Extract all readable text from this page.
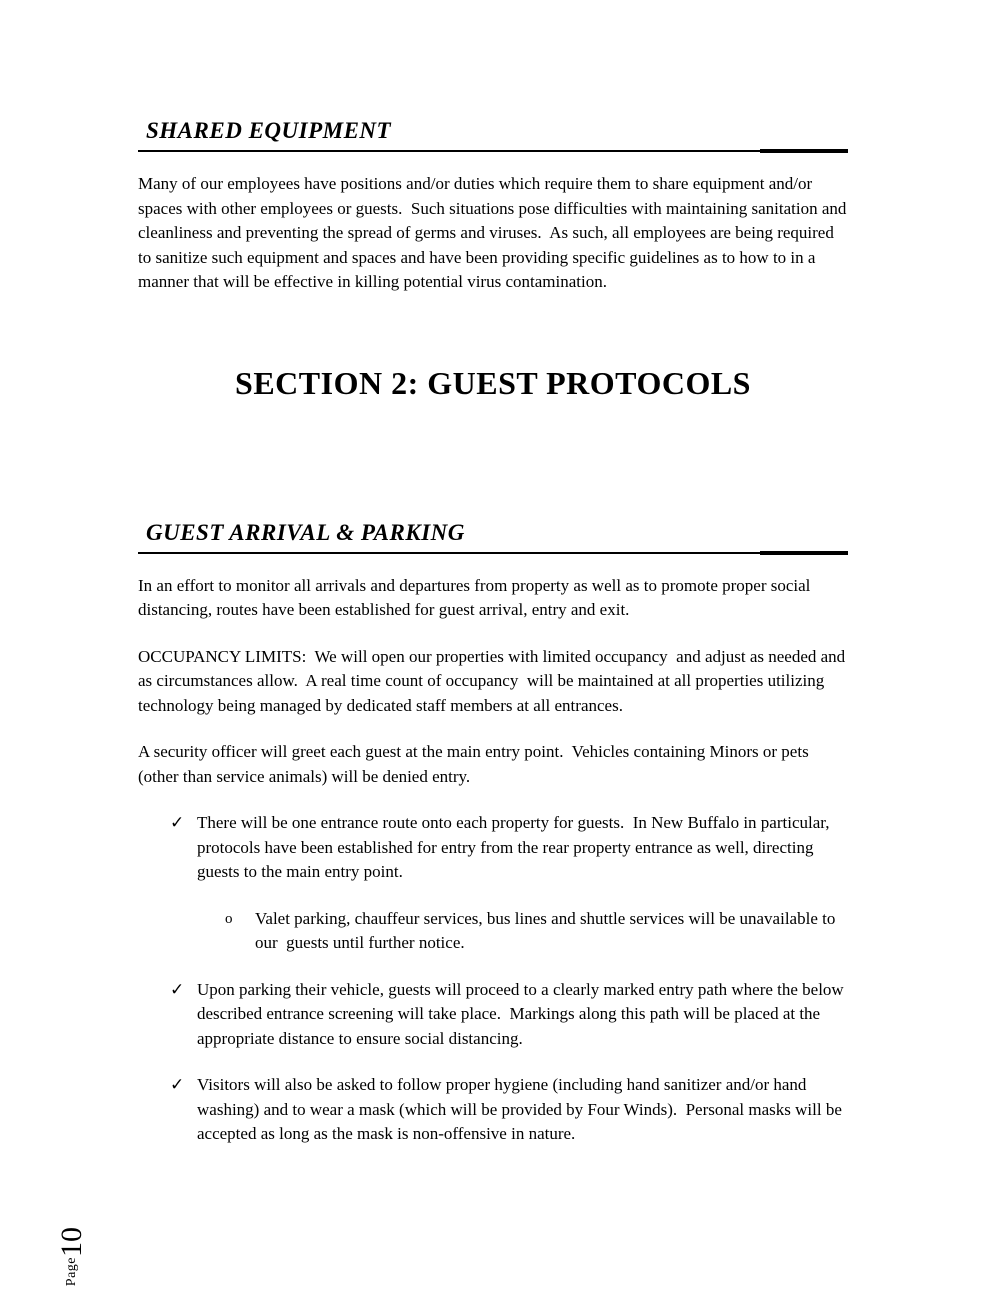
SHARED EQUIPMENT

Many of our employees have positions and/or duties which require them to share equipment and/or spaces with other employees or guests.  Such situations pose difficulties with maintaining sanitation and cleanliness and preventing the spread of germs and viruses.  As such, all employees are being required to sanitize such equipment and spaces and have been providing specific guidelines as to how to in a manner that will be effective in killing potential virus contamination.

SECTION 2: GUEST PROTOCOLS
GUEST ARRIVAL & PARKING

In an effort to monitor all arrivals and departures from property as well as to promote proper social distancing, routes have been established for guest arrival, entry and exit.

OCCUPANCY LIMITS:  We will open our properties with limited occupancy  and adjust as needed and as circumstances allow.  A real time count of occupancy  will be maintained at all properties utilizing technology being managed by dedicated staff members at all entrances.

A security officer will greet each guest at the main entry point.  Vehicles containing Minors or pets (other than service animals) will be denied entry.

✓ There will be one entrance route onto each property for guests.  In New Buffalo in particular, protocols have been established for entry from the rear property entrance as well, directing guests to the main entry point.
o	Valet parking, chauffeur services, bus lines and shuttle services will be unavailable to our  guests until further notice.
✓ Upon parking their vehicle, guests will proceed to a clearly marked entry path where the below described entrance screening will take place.  Markings along this path will be placed at the appropriate distance to ensure social distancing.
✓ Visitors will also be asked to follow proper hygiene (including hand sanitizer and/or hand washing) and to wear a mask (which will be provided by Four Winds).  Personal masks will be accepted as long as the mask is non-offensive in nature.
Page10
